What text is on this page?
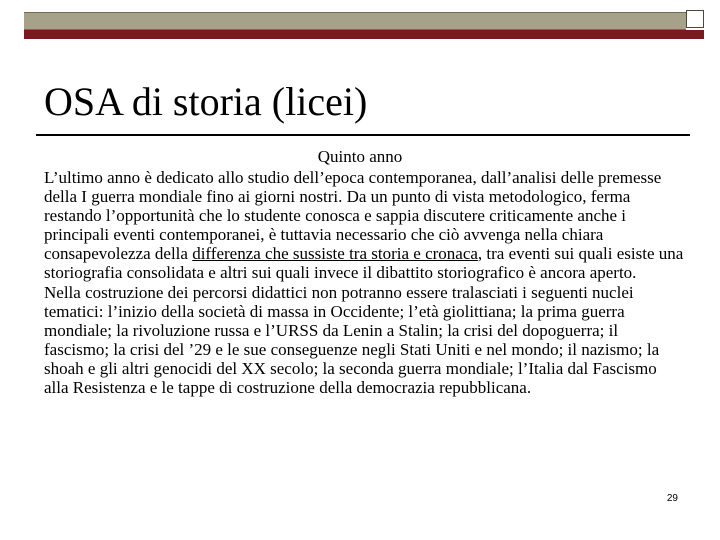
OSA di storia (licei)
Quinto anno

L’ultimo anno è dedicato allo studio dell’epoca contemporanea, dall’analisi delle premesse della I guerra mondiale fino ai giorni nostri. Da un punto di vista metodologico, ferma restando l’opportunità che lo studente conosca e sappia discutere criticamente anche i principali eventi contemporanei, è tuttavia necessario che ciò avvenga nella chiara consapevolezza della differenza che sussiste tra storia e cronaca, tra eventi sui quali esiste una storiografia consolidata e altri sui quali invece il dibattito storiografico è ancora aperto.

Nella costruzione dei percorsi didattici non potranno essere tralasciati i seguenti nuclei tematici: l’inizio della società di massa in Occidente; l’età giolittiana; la prima guerra mondiale; la rivoluzione russa e l’URSS da Lenin a Stalin; la crisi del dopoguerra; il fascismo; la crisi del ’29 e le sue conseguenze negli Stati Uniti e nel mondo; il nazismo; la shoah e gli altri genocidi del XX secolo; la seconda guerra mondiale; l’Italia dal Fascismo alla Resistenza e le tappe di costruzione della democrazia repubblicana.

29
